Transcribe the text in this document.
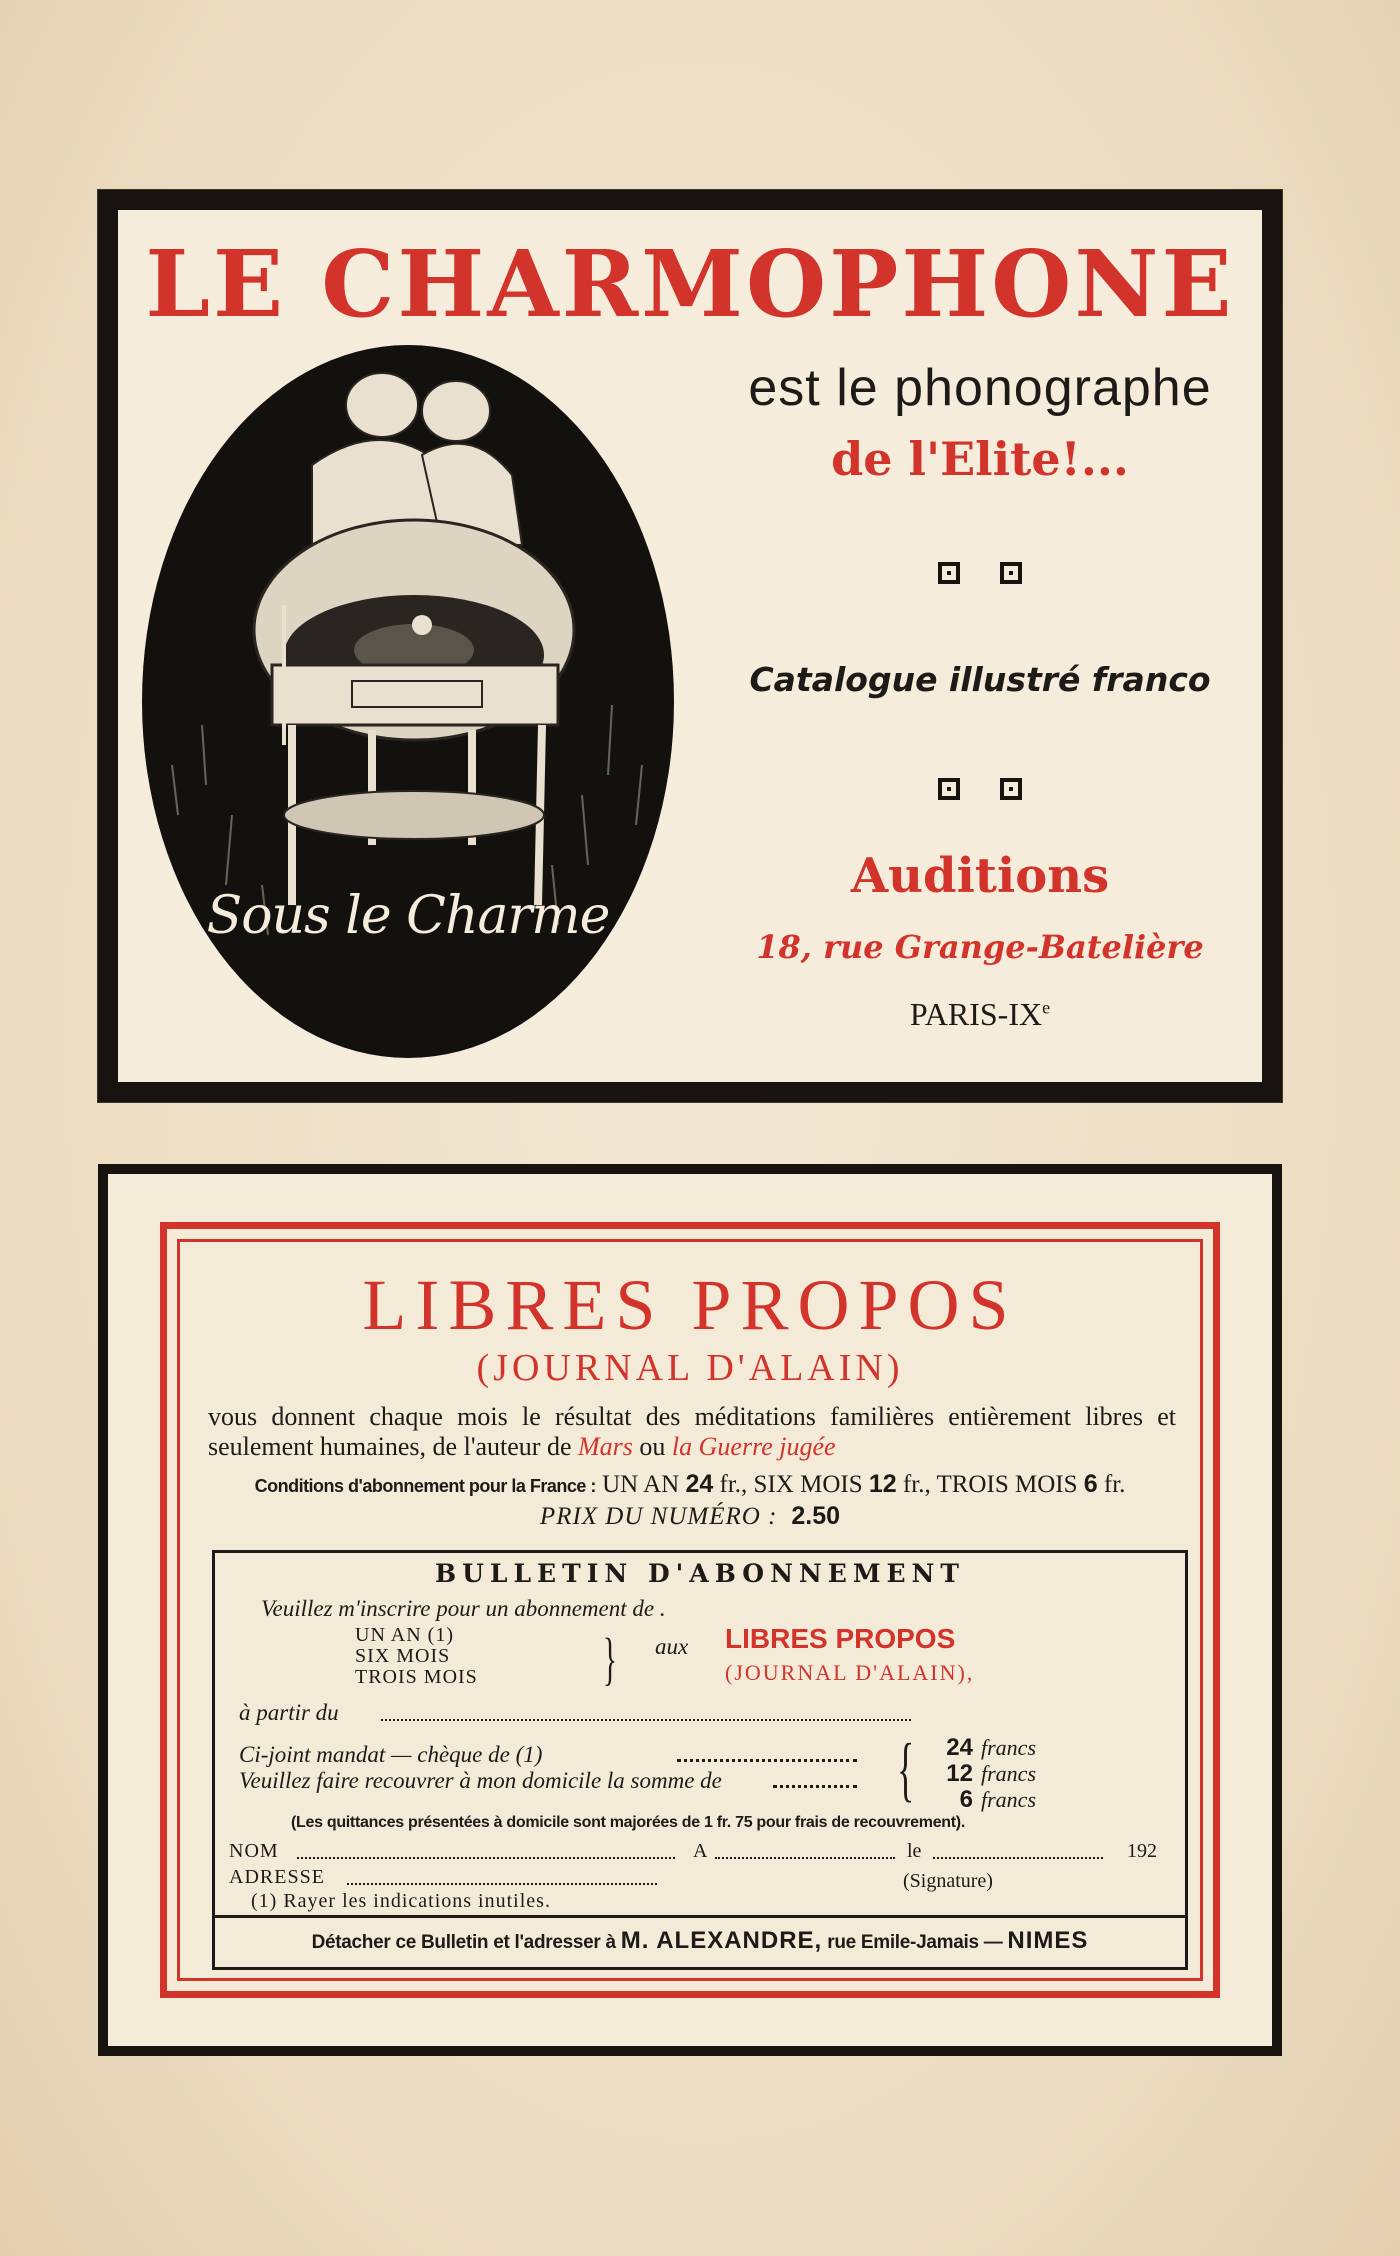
LE CHARMOPHONE
Sous le Charme
est le phonographe
de l'Elite!...
Catalogue illustré franco
Auditions
18, rue Grange-Batelière
PARIS-IXe
LIBRES PROPOS
(JOURNAL D'ALAIN)
vous donnent chaque mois le résultat des méditations familières entièrement libres et seulement humaines, de l'auteur de Mars ou la Guerre jugée
Conditions d'abonnement pour la France : UN AN 24 fr., SIX MOIS 12 fr., TROIS MOIS 6 fr.
PRIX DU NUMÉRO : 2.50
BULLETIN D'ABONNEMENT
Veuillez m'inscrire pour un abonnement de .
UN AN (1)
SIX MOIS
TROIS MOIS } aux LIBRES PROPOS
(JOURNAL D'ALAIN),
à partir du
Ci-joint mandat — chèque de (1)
Veuillez faire recouvrer à mon domicile la somme de {	24 francs
12 francs
6 francs
(Les quittances présentées à domicile sont majorées de 1 fr. 75 pour frais de recouvrement).
NOM	A	le	192
ADRESSE	(Signature)
(1) Rayer les indications inutiles.
Détacher ce Bulletin et l'adresser à M. ALEXANDRE, rue Emile-Jamais — NIMES
